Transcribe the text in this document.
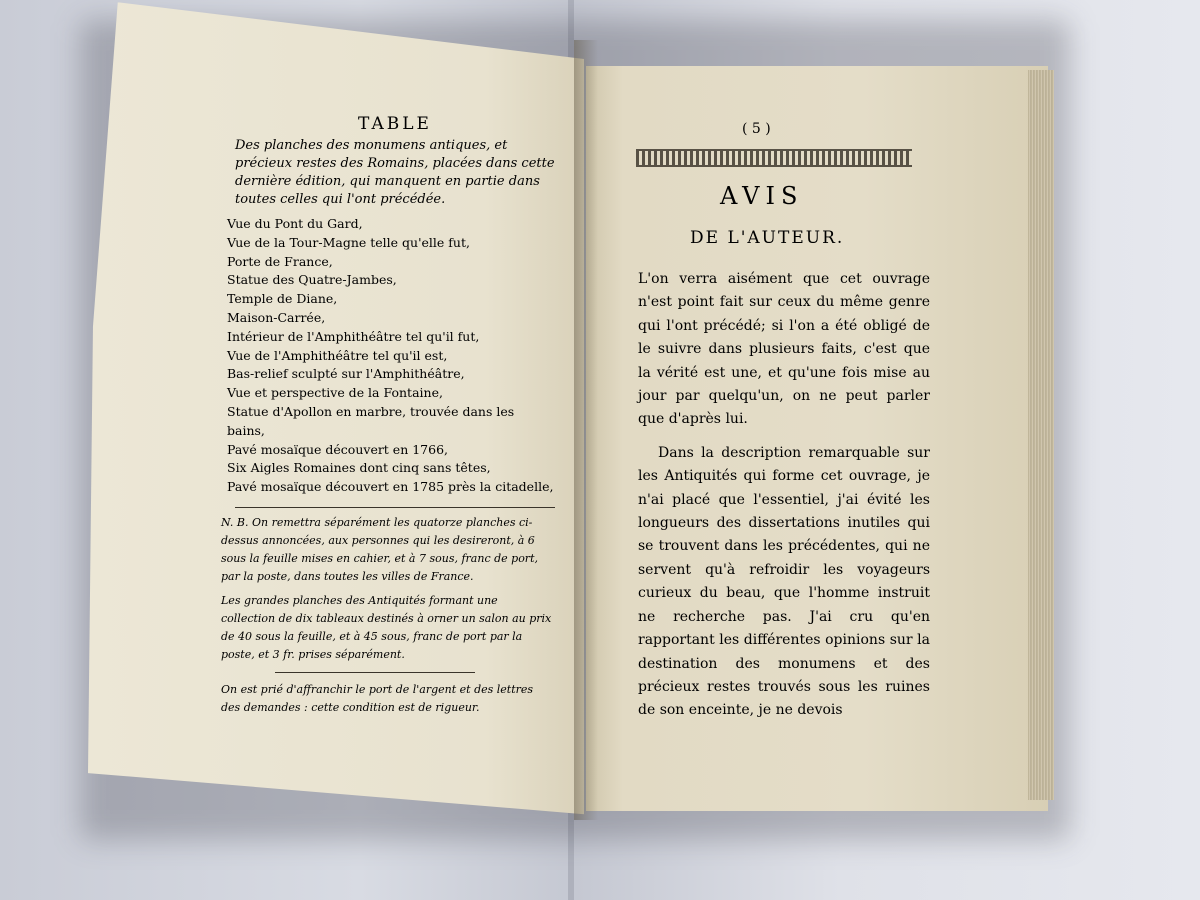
TABLE
Des planches des monumens antiques, et précieux restes des Romains, placées dans cette dernière édition, qui manquent en partie dans toutes celles qui l'ont précédée.
Vue du Pont du Gard,
Vue de la Tour-Magne telle qu'elle fut,
Porte de France,
Statue des Quatre-Jambes,
Temple de Diane,
Maison-Carrée,
Intérieur de l'Amphithéâtre tel qu'il fut,
Vue de l'Amphithéâtre tel qu'il est,
Bas-relief sculpté sur l'Amphithéâtre,
Vue et perspective de la Fontaine,
Statue d'Apollon en marbre, trouvée dans les bains,
Pavé mosaïque découvert en 1766,
Six Aigles Romaines dont cinq sans têtes,
Pavé mosaïque découvert en 1785 près la citadelle,
N. B. On remettra séparément les quatorze planches ci-dessus annoncées, aux personnes qui les desireront, à 6 sous la feuille mises en cahier, et à 7 sous, franc de port, par la poste, dans toutes les villes de France.
Les grandes planches des Antiquités formant une collection de dix tableaux destinés à orner un salon au prix de 40 sous la feuille, et à 45 sous, franc de port par la poste, et 3 fr. prises séparément.
On est prié d'affranchir le port de l'argent et des lettres des demandes : cette condition est de rigueur.
( 5 )
AVIS
DE L'AUTEUR.

L'on verra aisément que cet ouvrage n'est point fait sur ceux du même genre qui l'ont précédé; si l'on a été obligé de le suivre dans plusieurs faits, c'est que la vérité est une, et qu'une fois mise au jour par quelqu'un, on ne peut parler que d'après lui.

Dans la description remarquable sur les Antiquités qui forme cet ouvrage, je n'ai placé que l'essentiel, j'ai évité les longueurs des dissertations inutiles qui se trouvent dans les précédentes, qui ne servent qu'à refroidir les voyageurs curieux du beau, que l'homme instruit ne recherche pas. J'ai cru qu'en rapportant les différentes opinions sur la destination des monumens et des précieux restes trouvés sous les ruines de son enceinte, je ne devois
